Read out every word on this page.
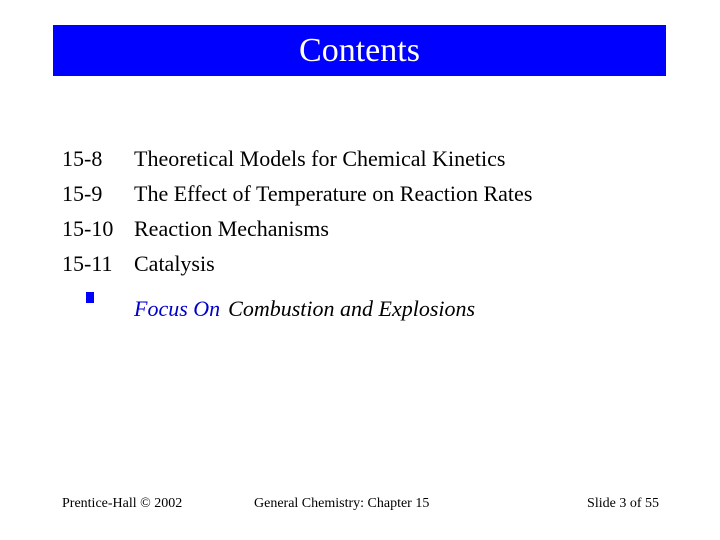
Contents
15-8	Theoretical Models for Chemical Kinetics
15-9	The Effect of Temperature on Reaction Rates
15-10 Reaction Mechanisms
15-11 Catalysis
Focus On Combustion and Explosions
Prentice-Hall © 2002	General Chemistry: Chapter 15	Slide 3 of 55
